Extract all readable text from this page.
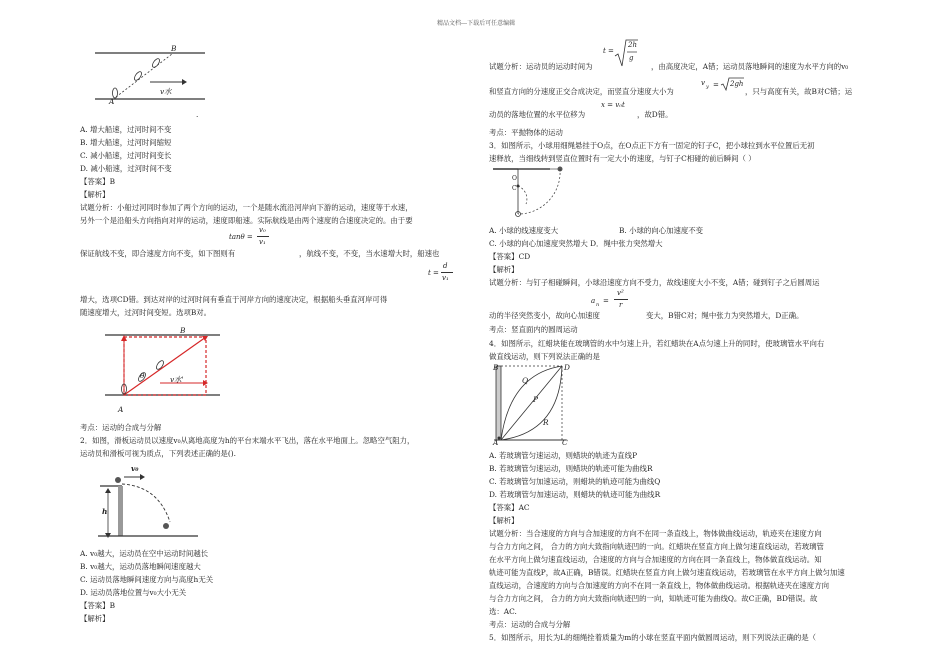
精品文档---下载后可任意编辑
A
B
v水
.
A. 增大船速，过河时间不变
B. 增大船速，过河时间缩短
C. 减小船速，过河时间变长
D. 减小船速，过河时间不变
【答案】B
【解析】
试题分析：小船过河同时参加了两个方向的运动，一个是随水流沿河岸向下游的运动，速度等于水速，
另外一个是沿船头方向指向对岸的运动，速度即船速。实际航线是由两个速度的合速度决定的。由于要
保证航线不变，即合速度方向不变，如下图则有	，航线不变，不变，当水速增大时，船速也
增大，选项CD错。到达对岸的过河时间有垂直于河岸方向的速度决定，根据船头垂直河岸可得
随速度增大，过河时间变短。选项B对。
tanθ =
v₀
v₁
t =
d
v₁
A
B
v水'
θ
考点：运动的合成与分解
2．如图，滑板运动员以速度v₀从离地高度为h的平台末端水平飞出，落在水平地面上。忽略空气阻力，
运动员和滑板可视为质点，下列表述正确的是().
v₀
h
A. v₀越大，运动员在空中运动时间越长
B. v₀越大，运动员落地瞬间速度越大
C. 运动员落地瞬间速度方向与高度h无关
D. 运动员落地位置与v₀大小无关
【答案】B
【解析】
t =
2h
g
试题分析：运动员的运动时间为	，由高度决定，A错；运动员落地瞬间的速度为水平方向的v₀
和竖直方向的分速度正交合成决定，而竖直分速度大小为	，只与高度有关，故B对C错；运
动员的落地位置的水平位移为	，故D错。
v y = 2gh
x = v₀t
考点：平抛物体的运动
3．如图所示，小球用细绳悬挂于O点，在O点正下方有一固定的钉子C，把小球拉到水平位置后无初
速释放，当细线转到竖直位置时有一定大小的速度，与钉子C相碰的前后瞬间（ ）
O
C
A. 小球的线速度变大	B. 小球的向心加速度不变
C. 小球的向心加速度突然增大 D．绳中张力突然增大
【答案】CD
【解析】
试题分析：与钉子相碰瞬间，小球沿速度方向不受力，故线速度大小不变，A错；碰到钉子之后圆周运
动的半径突然变小，故向心加速度	变大，B错C对；绳中张力为突然增大，D正确。
考点：竖直面内的圆周运动
4．如图所示，红蜡块能在玻璃管的水中匀速上升，若红蜡块在A点匀速上升的同时，使玻璃管水平向右
做直线运动，则下列说法正确的是
a n =
v²
r
B	D
Q
P
R
A	C
A. 若玻璃管匀速运动，则蜡块的轨迹为直线P
B. 若玻璃管匀速运动，则蜡块的轨迹可能为曲线R
C. 若玻璃管匀加速运动，则蜡块的轨迹可能为曲线Q
D. 若玻璃管匀加速运动，则蜡块的轨迹可能为曲线R
【答案】AC
【解析】
试题分析：当合速度的方向与合加速度的方向不在同一条直线上，物体做曲线运动，轨迹夹在速度方向
与合力方向之间， 合力的方向大致指向轨迹凹的一向。红蜡块在竖直方向上做匀速直线运动，若玻璃管
在水平方向上做匀速直线运动，合速度的方向与合加速度的方向在同一条直线上，物体做直线运动。知
轨迹可能为直线P，故A正确，B错误。红蜡块在竖直方向上做匀速直线运动，若玻璃管在水平方向上做匀加速
直线运动，合速度的方向与合加速度的方向不在同一条直线上，物体做曲线运动。根据轨迹夹在速度方向
与合力方向之间， 合力的方向大致指向轨迹凹的一向，知轨迹可能为曲线Q。故C正确，BD错误。故
选：AC.
考点：运动的合成与分解
5．如图所示，用长为L的细绳拴着质量为m的小球在竖直平面内做圆周运动，则下列说法正确的是（
